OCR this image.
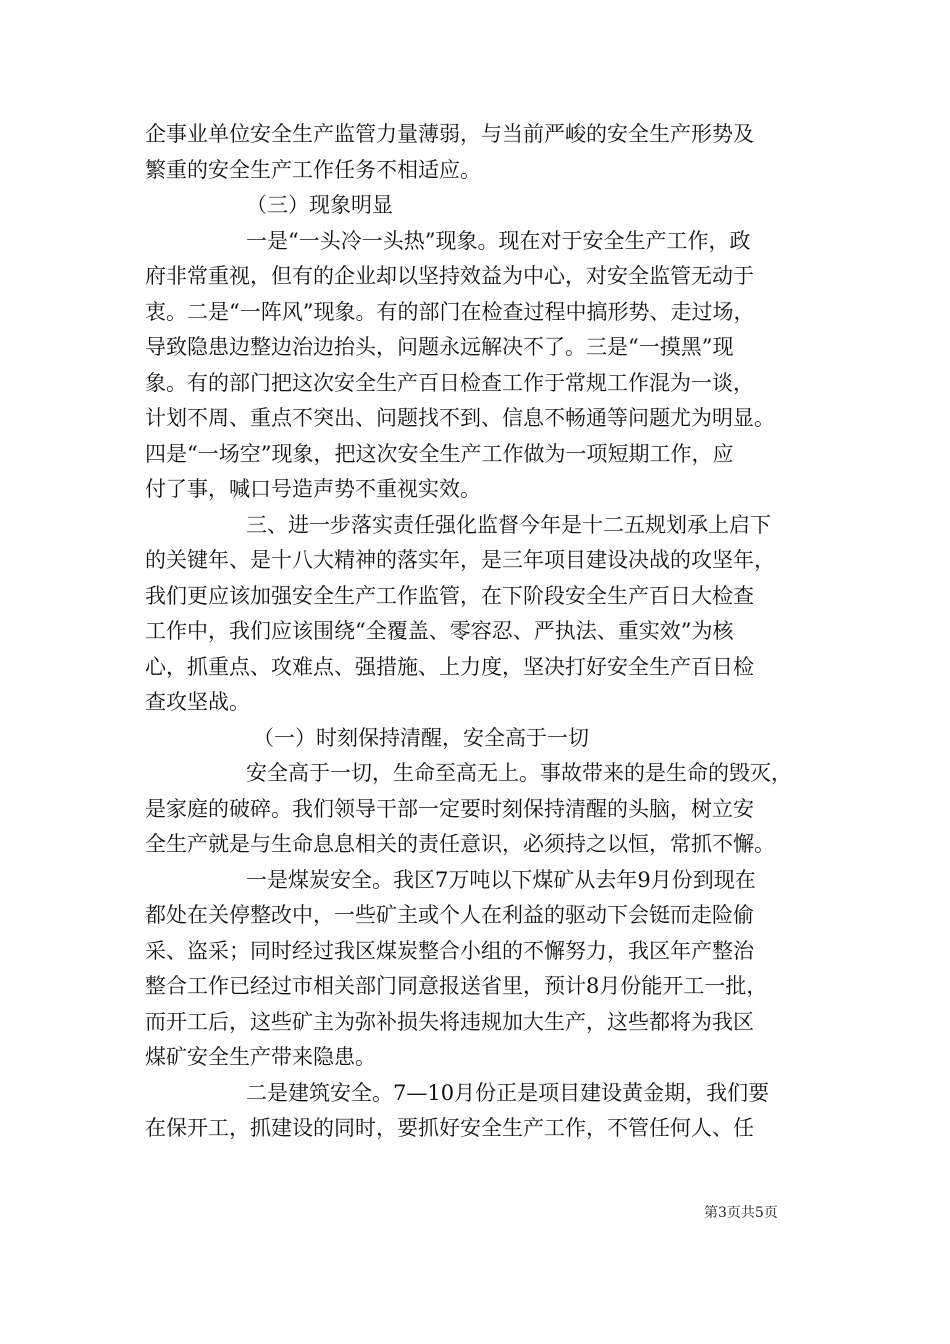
企事业单位安全生产监管力量薄弱，与当前严峻的安全生产形势及
繁重的安全生产工作任务不相适应。
（三）现象明显
一是“一头冷一头热”现象。现在对于安全生产工作，政
府非常重视，但有的企业却以坚持效益为中心，对安全监管无动于
衷。二是“一阵风”现象。有的部门在检查过程中搞形势、走过场，
导致隐患边整边治边抬头，问题永远解决不了。三是“一摸黑”现
象。有的部门把这次安全生产百日检查工作于常规工作混为一谈，
计划不周、重点不突出、问题找不到、信息不畅通等问题尤为明显。
四是“一场空”现象，把这次安全生产工作做为一项短期工作，应
付了事，喊口号造声势不重视实效。
三、进一步落实责任强化监督今年是十二五规划承上启下
的关键年、是十八大精神的落实年，是三年项目建设决战的攻坚年，
我们更应该加强安全生产工作监管，在下阶段安全生产百日大检查
工作中，我们应该围绕“全覆盖、零容忍、严执法、重实效”为核
心，抓重点、攻难点、强措施、上力度，坚决打好安全生产百日检
查攻坚战。
（一）时刻保持清醒，安全高于一切
安全高于一切，生命至高无上。事故带来的是生命的毁灭，
是家庭的破碎。我们领导干部一定要时刻保持清醒的头脑，树立安
全生产就是与生命息息相关的责任意识，必须持之以恒，常抓不懈。
一是煤炭安全。我区7万吨以下煤矿从去年9月份到现在
都处在关停整改中，一些矿主或个人在利益的驱动下会铤而走险偷
采、盗采；同时经过我区煤炭整合小组的不懈努力，我区年产整治
整合工作已经过市相关部门同意报送省里，预计8月份能开工一批，
而开工后，这些矿主为弥补损失将违规加大生产，这些都将为我区
煤矿安全生产带来隐患。
二是建筑安全。7—10月份正是项目建设黄金期，我们要
在保开工，抓建设的同时，要抓好安全生产工作，不管任何人、任
第3页共5页
